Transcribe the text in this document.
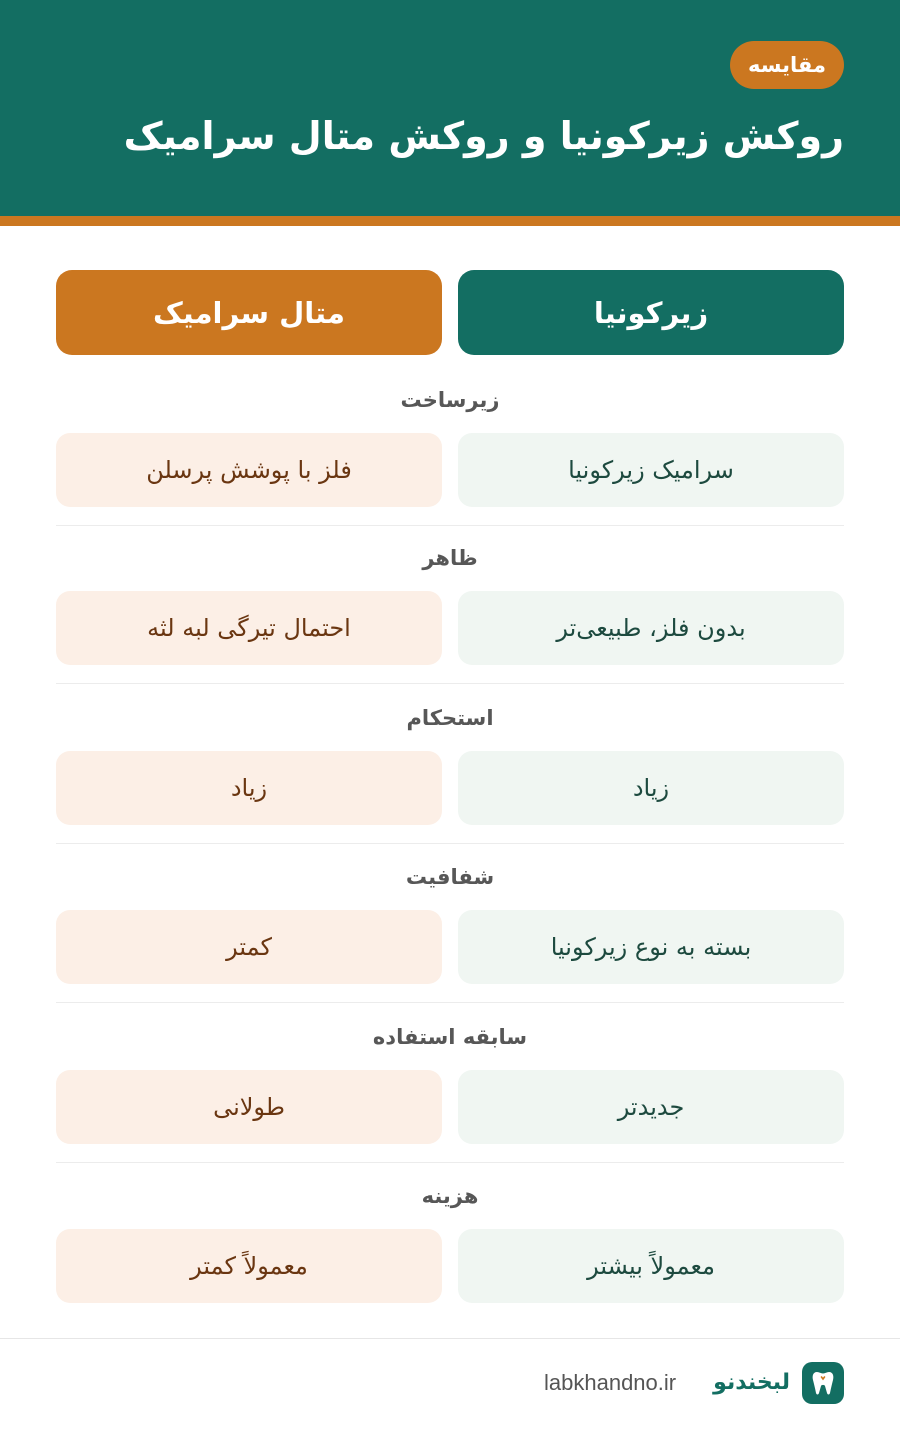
مقایسه
روکش زیرکونیا و روکش متال سرامیک
زیرکونیا
متال سرامیک
زیرساخت
سرامیک زیرکونیا
فلز با پوشش پرسلن
ظاهر
بدون فلز، طبیعی‌تر
احتمال تیرگی لبه لثه
استحکام
زیاد
زیاد
شفافیت
بسته به نوع زیرکونیا
کمتر
سابقه استفاده
جدیدتر
طولانی
هزینه
معمولاً بیشتر
معمولاً کمتر
لبخندنو
labkhandno.ir
